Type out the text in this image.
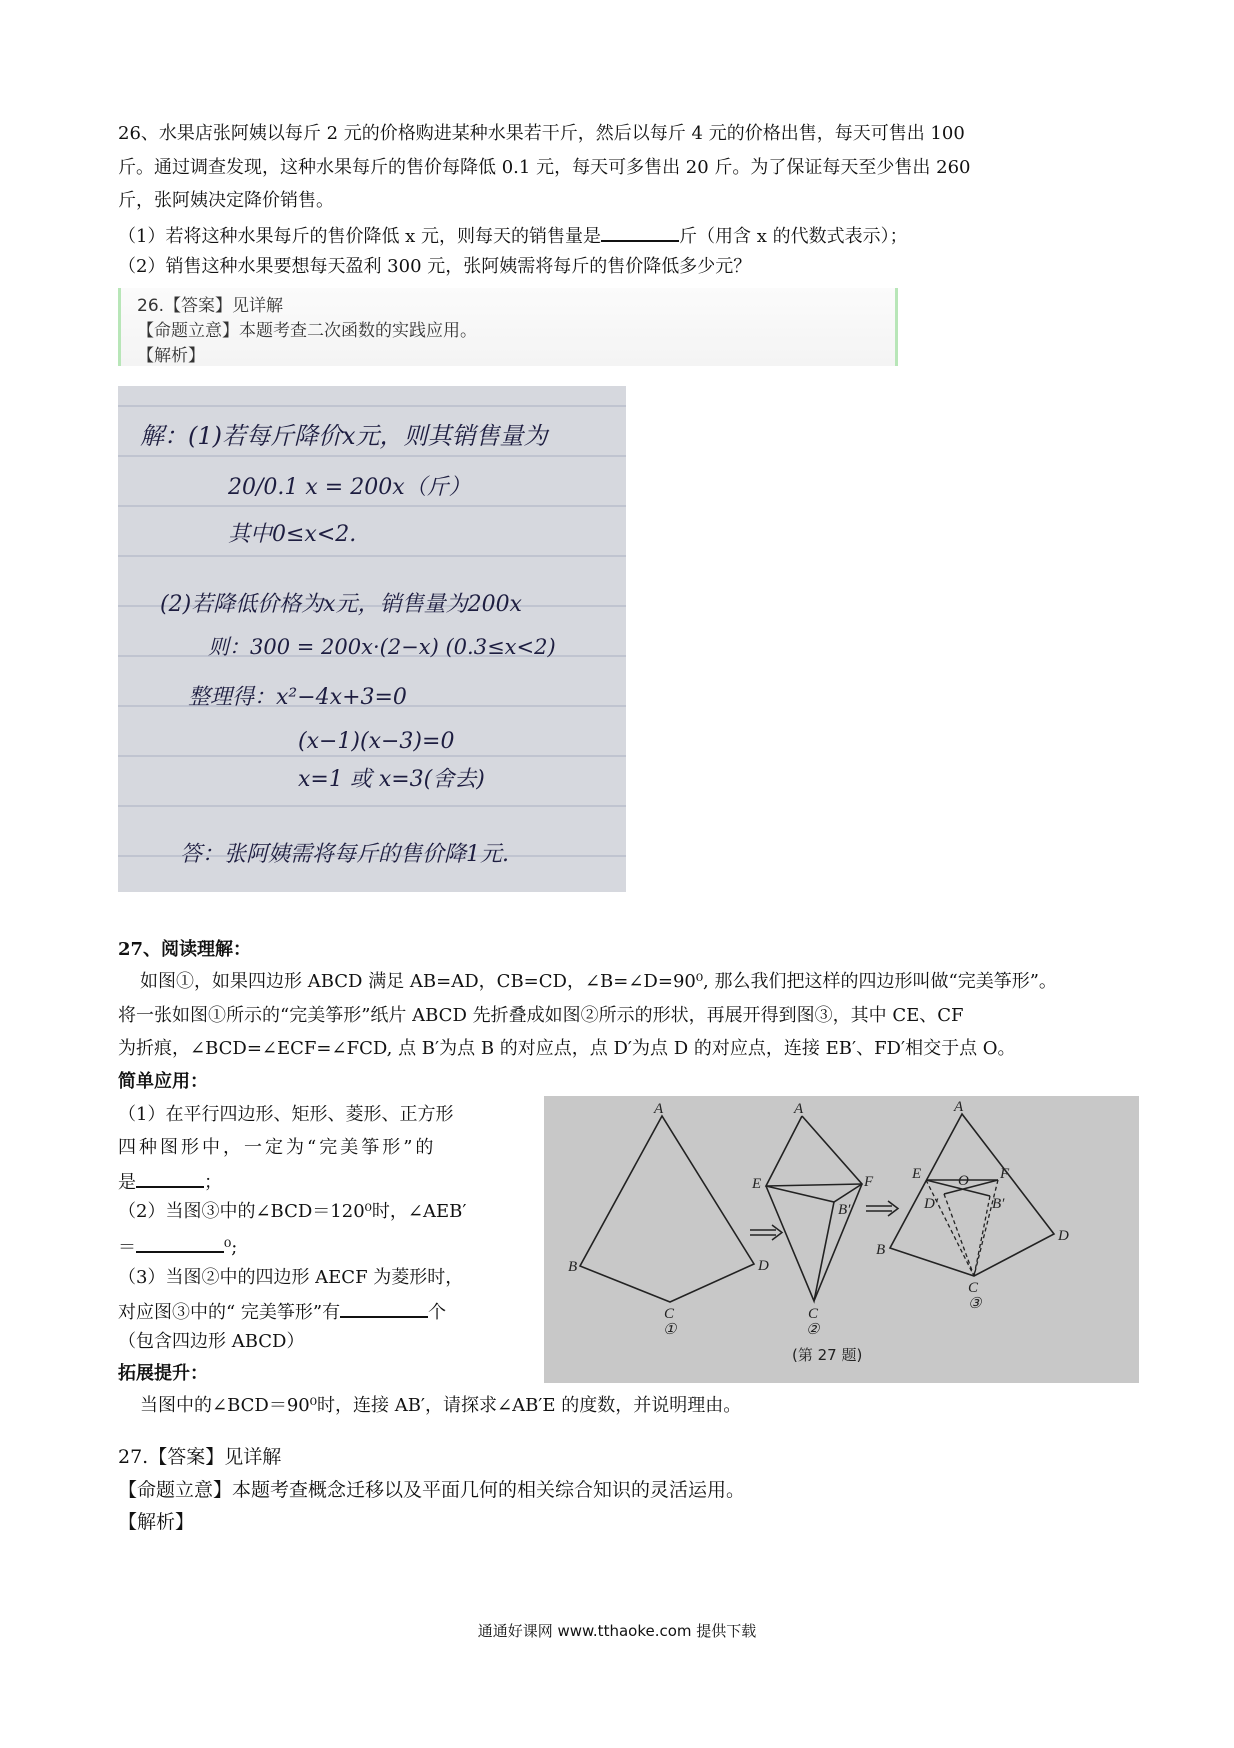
26、水果店张阿姨以每斤 2 元的价格购进某种水果若干斤，然后以每斤 4 元的价格出售，每天可售出 100
斤。通过调查发现，这种水果每斤的售价每降低 0.1 元，每天可多售出 20 斤。为了保证每天至少售出 260
斤，张阿姨决定降价销售。
（1）若将这种水果每斤的售价降低 x 元，则每天的销售量是	斤（用含 x 的代数式表示）；
（2）销售这种水果要想每天盈利 300 元，张阿姨需将每斤的售价降低多少元？
26.【答案】见详解
【命题立意】本题考查二次函数的实践应用。
【解析】
解：(1)若每斤降价x元，则其销售量为
20/0.1 x = 200x（斤）
其中0≤x<2.
(2)若降低价格为x元，销售量为200x
则：300 = 200x·(2−x) (0.3≤x<2)
整理得：x²−4x+3=0
(x−1)(x−3)=0
x=1 或 x=3(舍去)
答：张阿姨需将每斤的售价降1元.
27、阅读理解：
如图①，如果四边形 ABCD 满足 AB=AD，CB=CD，∠B=∠D=90⁰, 那么我们把这样的四边形叫做“完美筝形”。
将一张如图①所示的“完美筝形”纸片 ABCD 先折叠成如图②所示的形状，再展开得到图③，其中 CE、CF
为折痕，∠BCD=∠ECF=∠FCD, 点 B′为点 B 的对应点，点 D′为点 D 的对应点，连接 EB′、FD′相交于点 O。
简单应用：
（1）在平行四边形、矩形、菱形、正方形
四种图形中，一定为“完美筝形”的
是	；
（2）当图③中的∠BCD＝120⁰时，∠AEB′
＝	⁰;
（3）当图②中的四边形 AECF 为菱形时，
对应图③中的“ 完美筝形”有	个
（包含四边形 ABCD）
拓展提升：
当图中的∠BCD＝90⁰时，连接 AB′，请探求∠AB′E 的度数，并说明理由。
A
B
C
D
①
A
E	F
B′
C
②
A
E	F
O
D′	B′
B
D
C
③
(第 27 题)
27.【答案】见详解
【命题立意】本题考查概念迁移以及平面几何的相关综合知识的灵活运用。
【解析】
通通好课网 www.tthaoke.com 提供下载
